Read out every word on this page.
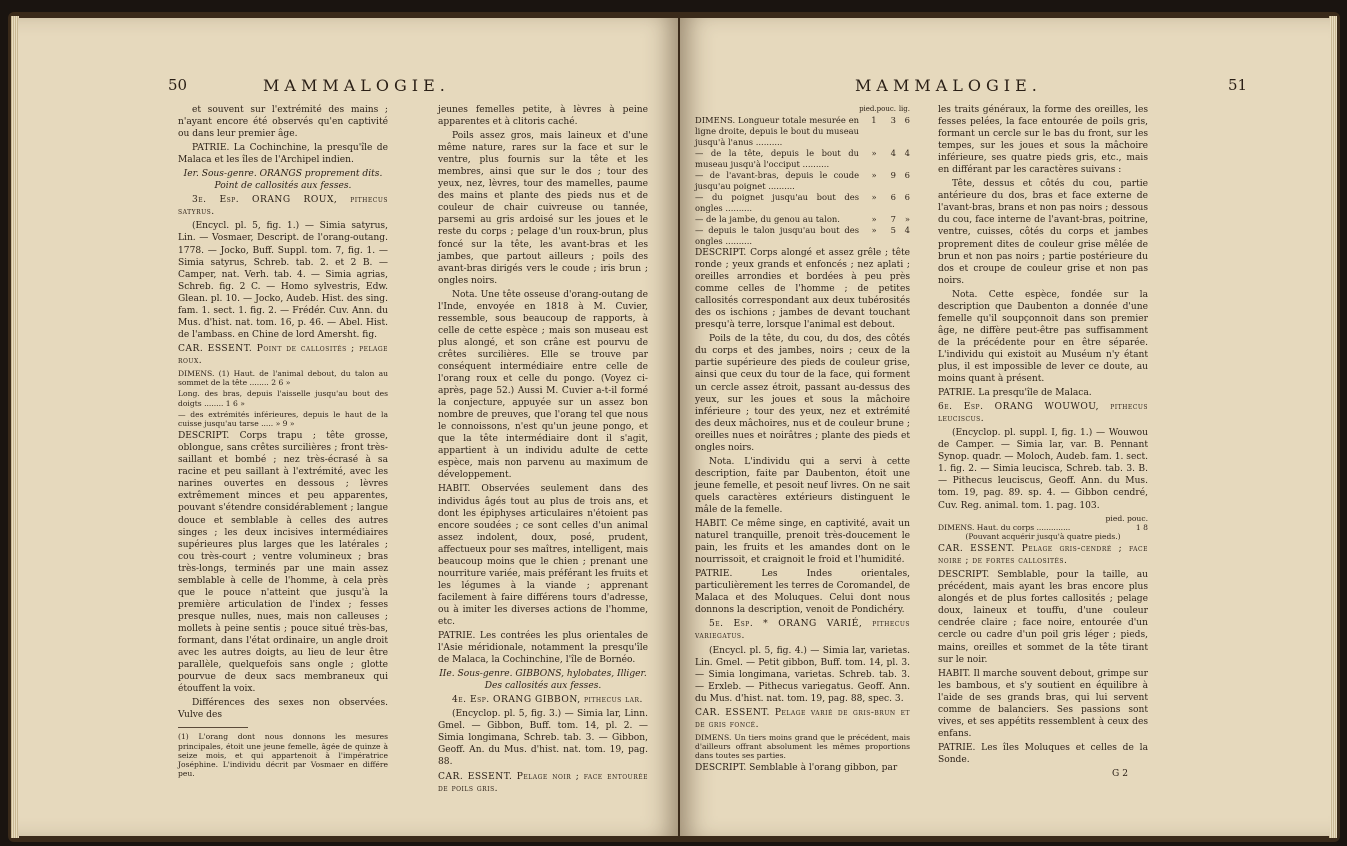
50	MAMMALOGIE.

et souvent sur l'extrémité des mains ; n'ayant encore été observés qu'en captivité ou dans leur premier âge.

PATRIE. La Cochinchine, la presqu'île de Malaca et les îles de l'Archipel indien.

Ier. Sous-genre. ORANGS proprement dits. Point de callosités aux fesses.

3e. Esp. ORANG ROUX, pithecus satyrus.

(Encycl. pl. 5, fig. 1.) — Simia satyrus, Lin. — Vosmaer, Descript. de l'orang-outang. 1778. — Jocko, Buff. Suppl. tom. 7, fig. 1. — Simia satyrus, Schreb. tab. 2. et 2 B. — Camper, nat. Verh. tab. 4. — Simia agrias, Schreb. fig. 2 C. — Homo sylvestris, Edw. Glean. pl. 10. — Jocko, Audeb. Hist. des sing. fam. 1. sect. 1. fig. 2. — Frédér. Cuv. Ann. du Mus. d'hist. nat. tom. 16, p. 46. — Abel. Hist. de l'ambass. en Chine de lord Amersht. fig.

CAR. ESSENT. Point de callosités ; pelage roux.

DIMENS. (1) Haut. de l'animal debout, du talon au sommet de la tête ........ 2 6 »

Long. des bras, depuis l'aisselle jusqu'au bout des doigts ........ 1 6 »

— des extrémités inférieures, depuis le haut de la cuisse jusqu'au tarse ..... » 9 »

DESCRIPT. Corps trapu ; tête grosse, oblongue, sans crêtes surcilières ; front très-saillant et bombé ; nez très-écrasé à sa racine et peu saillant à l'extrémité, avec les narines ouvertes en dessous ; lèvres extrêmement minces et peu apparentes, pouvant s'étendre considérablement ; langue douce et semblable à celles des autres singes ; les deux incisives intermédiaires supérieures plus larges que les latérales ; cou très-court ; ventre volumineux ; bras très-longs, terminés par une main assez semblable à celle de l'homme, à cela près que le pouce n'atteint que jusqu'à la première articulation de l'index ; fesses presque nulles, nues, mais non calleuses ; mollets à peine sentis ; pouce situé très-bas, formant, dans l'état ordinaire, un angle droit avec les autres doigts, au lieu de leur être parallèle, quelquefois sans ongle ; glotte pourvue de deux sacs membraneux qui étouffent la voix.

Différences des sexes non observées. Vulve des

(1) L'orang dont nous donnons les mesures principales, étoit une jeune femelle, âgée de quinze à seize mois, et qui appartenoit à l'impératrice Joséphine. L'individu décrit par Vosmaer en différe peu.

jeunes femelles petite, à lèvres à peine apparentes et à clitoris caché.

Poils assez gros, mais laineux et d'une même nature, rares sur la face et sur le ventre, plus fournis sur la tête et les membres, ainsi que sur le dos ; tour des yeux, nez, lèvres, tour des mamelles, paume des mains et plante des pieds nus et de couleur de chair cuivreuse ou tannée, parsemi au gris ardoisé sur les joues et le reste du corps ; pelage d'un roux-brun, plus foncé sur la tête, les avant-bras et les jambes, que partout ailleurs ; poils des avant-bras dirigés vers le coude ; iris brun ; ongles noirs.

Nota. Une tête osseuse d'orang-outang de l'Inde, envoyée en 1818 à M. Cuvier, ressemble, sous beaucoup de rapports, à celle de cette espèce ; mais son museau est plus alongé, et son crâne est pourvu de crêtes surcilières. Elle se trouve par conséquent intermédiaire entre celle de l'orang roux et celle du pongo. (Voyez ci-après, page 52.) Aussi M. Cuvier a-t-il formé la conjecture, appuyée sur un assez bon nombre de preuves, que l'orang tel que nous le connoissons, n'est qu'un jeune pongo, et que la tête intermédiaire dont il s'agit, appartient à un individu adulte de cette espèce, mais non parvenu au maximum de développement.

HABIT. Observées seulement dans des individus âgés tout au plus de trois ans, et dont les épiphyses articulaires n'étoient pas encore soudées ; ce sont celles d'un animal assez indolent, doux, posé, prudent, affectueux pour ses maîtres, intelligent, mais beaucoup moins que le chien ; prenant une nourriture variée, mais préférant les fruits et les légumes à la viande ; apprenant facilement à faire différens tours d'adresse, ou à imiter les diverses actions de l'homme, etc.

PATRIE. Les contrées les plus orientales de l'Asie méridionale, notamment la presqu'île de Malaca, la Cochinchine, l'île de Bornéo.

IIe. Sous-genre. GIBBONS, hylobates, Illiger. Des callosités aux fesses.

4e. Esp. ORANG GIBBON, pithecus lar.

(Encyclop. pl. 5, fig. 3.) — Simia lar, Linn. Gmel. — Gibbon, Buff. tom. 14, pl. 2. — Simia longimana, Schreb. tab. 3. — Gibbon, Geoff. An. du Mus. d'hist. nat. tom. 19, pag. 88.

CAR. ESSENT. Pelage noir ; face entourée de poils gris.

MAMMALOGIE.	51
	pied.	pouc.	lig.
DIMENS. Longueur totale mesurée en ligne droite, depuis le bout du museau jusqu'à l'anus ..........	1	3	6
— de la tête, depuis le bout du museau jusqu'à l'occiput ..........	»	4	4
— de l'avant-bras, depuis le coude jusqu'au poignet ..........	»	9	6
— du poignet jusqu'au bout des ongles ..........	»	6	6
— de la jambe, du genou au talon.	»	7	»
— depuis le talon jusqu'au bout des ongles ..........	»	5	4

DESCRIPT. Corps alongé et assez grêle ; tête ronde ; yeux grands et enfoncés ; nez aplati ; oreilles arrondies et bordées à peu près comme celles de l'homme ; de petites callosités correspondant aux deux tubérosités des os ischions ; jambes de devant touchant presqu'à terre, lorsque l'animal est debout.

Poils de la tête, du cou, du dos, des côtés du corps et des jambes, noirs ; ceux de la partie supérieure des pieds de couleur grise, ainsi que ceux du tour de la face, qui forment un cercle assez étroit, passant au-dessus des yeux, sur les joues et sous la mâchoire inférieure ; tour des yeux, nez et extrémité des deux mâchoires, nus et de couleur brune ; oreilles nues et noirâtres ; plante des pieds et ongles noirs.

Nota. L'individu qui a servi à cette description, faite par Daubenton, étoit une jeune femelle, et pesoit neuf livres. On ne sait quels caractères extérieurs distinguent le mâle de la femelle.

HABIT. Ce même singe, en captivité, avait un naturel tranquille, prenoit très-doucement le pain, les fruits et les amandes dont on le nourrissoit, et craignoit le froid et l'humidité.

PATRIE. Les Indes orientales, particulièrement les terres de Coromandel, de Malaca et des Moluques. Celui dont nous donnons la description, venoit de Pondichéry.

5e. Esp. * ORANG VARIÉ, pithecus variegatus.

(Encycl. pl. 5, fig. 4.) — Simia lar, varietas. Lin. Gmel. — Petit gibbon, Buff. tom. 14, pl. 3. — Simia longimana, varietas. Schreb. tab. 3. — Erxleb. — Pithecus variegatus. Geoff. Ann. du Mus. d'hist. nat. tom. 19, pag. 88, spec. 3.

CAR. ESSENT. Pelage varié de gris-brun et de gris foncé.

DIMENS. Un tiers moins grand que le précédent, mais d'ailleurs offrant absolument les mêmes proportions dans toutes ses parties.

DESCRIPT. Semblable à l'orang gibbon, par

les traits généraux, la forme des oreilles, les fesses pelées, la face entourée de poils gris, formant un cercle sur le bas du front, sur les tempes, sur les joues et sous la mâchoire inférieure, ses quatre pieds gris, etc., mais en différant par les caractères suivans :

Tête, dessus et côtés du cou, partie antérieure du dos, bras et face externe de l'avant-bras, brans et non pas noirs ; dessous du cou, face interne de l'avant-bras, poitrine, ventre, cuisses, côtés du corps et jambes proprement dites de couleur grise mêlée de brun et non pas noirs ; partie postérieure du dos et croupe de couleur grise et non pas noirs.

Nota. Cette espèce, fondée sur la description que Daubenton a donnée d'une femelle qu'il soupçonnoit dans son premier âge, ne diffère peut-être pas suffisamment de la précédente pour en être séparée. L'individu qui existoit au Muséum n'y étant plus, il est impossible de lever ce doute, au moins quant à présent.

PATRIE. La presqu'île de Malaca.

6e. Esp. ORANG WOUWOU, pithecus leuciscus.

(Encyclop. pl. suppl. I, fig. 1.) — Wouwou de Camper. — Simia lar, var. B. Pennant Synop. quadr. — Moloch, Audeb. fam. 1. sect. 1. fig. 2. — Simia leucisca, Schreb. tab. 3. B. — Pithecus leuciscus, Geoff. Ann. du Mus. tom. 19, pag. 89. sp. 4. — Gibbon cendré, Cuv. Reg. animal. tom. 1. pag. 103.

pied. pouc.
DIMENS. Haut. du corps ..............	1 8

(Pouvant acquérir jusqu'à quatre pieds.)

CAR. ESSENT. Pelage gris-cendré ; face noire ; de fortes callosités.

DESCRIPT. Semblable, pour la taille, au précédent, mais ayant les bras encore plus alongés et de plus fortes callosités ; pelage doux, laineux et touffu, d'une couleur cendrée claire ; face noire, entourée d'un cercle ou cadre d'un poil gris léger ; pieds, mains, oreilles et sommet de la tête tirant sur le noir.

HABIT. Il marche souvent debout, grimpe sur les bambous, et s'y soutient en équilibre à l'aide de ses grands bras, qui lui servent comme de balanciers. Ses passions sont vives, et ses appétits ressemblent à ceux des enfans.

PATRIE. Les îles Moluques et celles de la Sonde.

G 2
